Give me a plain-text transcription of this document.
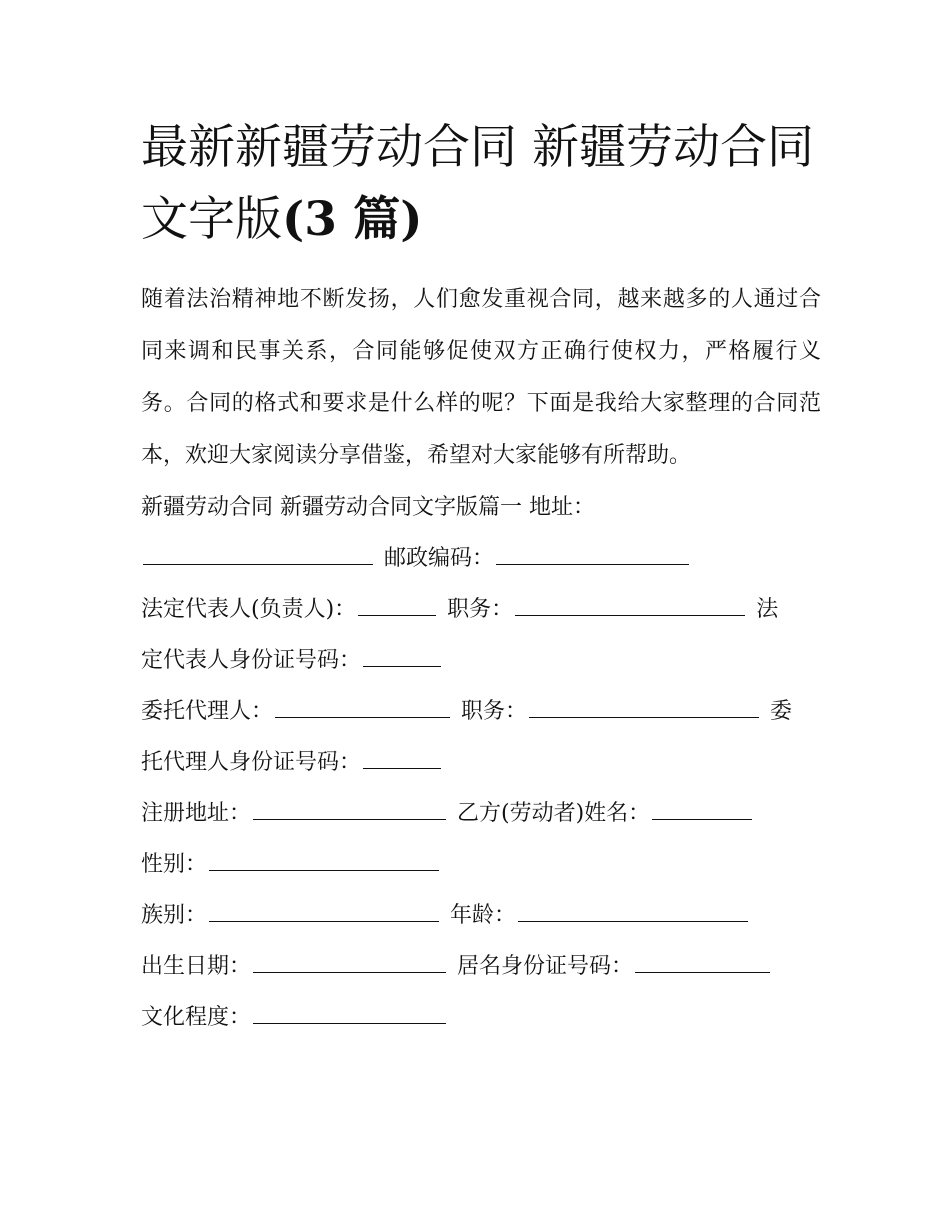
最新新疆劳动合同 新疆劳动合同文字版(3 篇)
随着法治精神地不断发扬，人们愈发重视合同，越来越多的人通过合同来调和民事关系，合同能够促使双方正确行使权力，严格履行义务。合同的格式和要求是什么样的呢？下面是我给大家整理的合同范本，欢迎大家阅读分享借鉴，希望对大家能够有所帮助。
新疆劳动合同 新疆劳动合同文字版篇一 地址：
邮政编码：
法定代表人(负责人)：	职务：	法
定代表人身份证号码：
委托代理人：	职务：	委
托代理人身份证号码：
注册地址：	乙方(劳动者)姓名：
性别：
族别：	年龄：
出生日期：	居名身份证号码：
文化程度：
